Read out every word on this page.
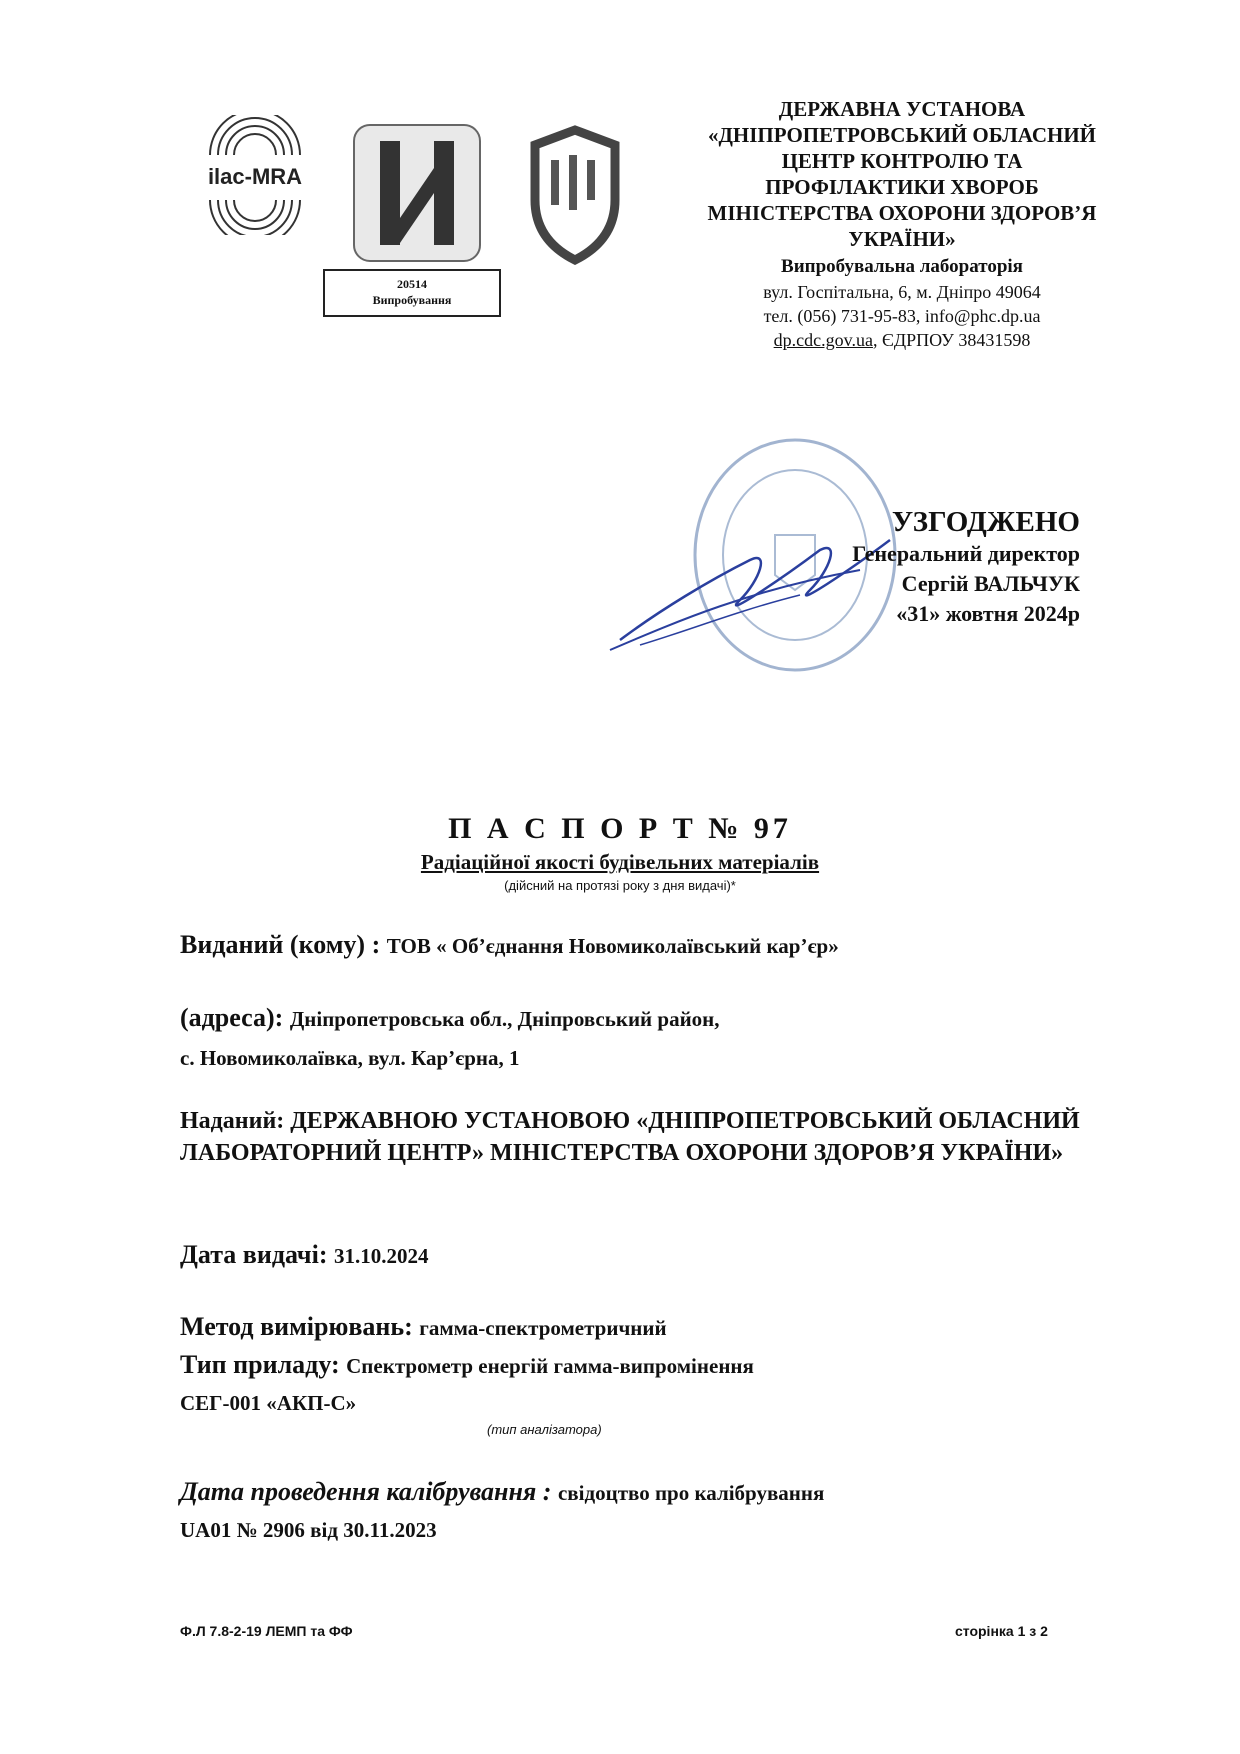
ilac-MRA
20514
Випробування
ДЕРЖАВНА УСТАНОВА
«ДНІПРОПЕТРОВСЬКИЙ ОБЛАСНИЙ
ЦЕНТР КОНТРОЛЮ ТА
ПРОФІЛАКТИКИ ХВОРОБ
МІНІСТЕРСТВА ОХОРОНИ ЗДОРОВ’Я
УКРАЇНИ»
Випробувальна лабораторія
вул. Госпітальна, 6, м. Дніпро 49064
тел. (056) 731-95-83, info@phc.dp.ua
dp.cdc.gov.ua, ЄДРПОУ 38431598
УЗГОДЖЕНО
Генеральний директор
Сергій ВАЛЬЧУК
«31» жовтня 2024р
П А С П О Р Т № 97
Радіаційної якості будівельних матеріалів
(дійсний на протязі року з дня видачі)*
Виданий (кому) : ТОВ « Об’єднання Новомиколаївський кар’єр»
(адреса): Дніпропетровська обл., Дніпровський район,
с. Новомиколаївка, вул. Кар’єрна, 1
Наданий: ДЕРЖАВНОЮ УСТАНОВОЮ «ДНІПРОПЕТРОВСЬКИЙ ОБЛАСНИЙ ЛАБОРАТОРНИЙ ЦЕНТР» МІНІСТЕРСТВА ОХОРОНИ ЗДОРОВ’Я УКРАЇНИ»
Дата видачі: 31.10.2024
Метод вимірювань: гамма-спектрометричний
Тип приладу: Спектрометр енергій гамма-випромінення
СЕГ-001 «АКП-С»
(тип аналізатора)
Дата проведення калібрування : свідоцтво про калібрування
UA01 № 2906 від 30.11.2023
Ф.Л 7.8-2-19 ЛЕМП та ФФ	сторінка 1 з 2
